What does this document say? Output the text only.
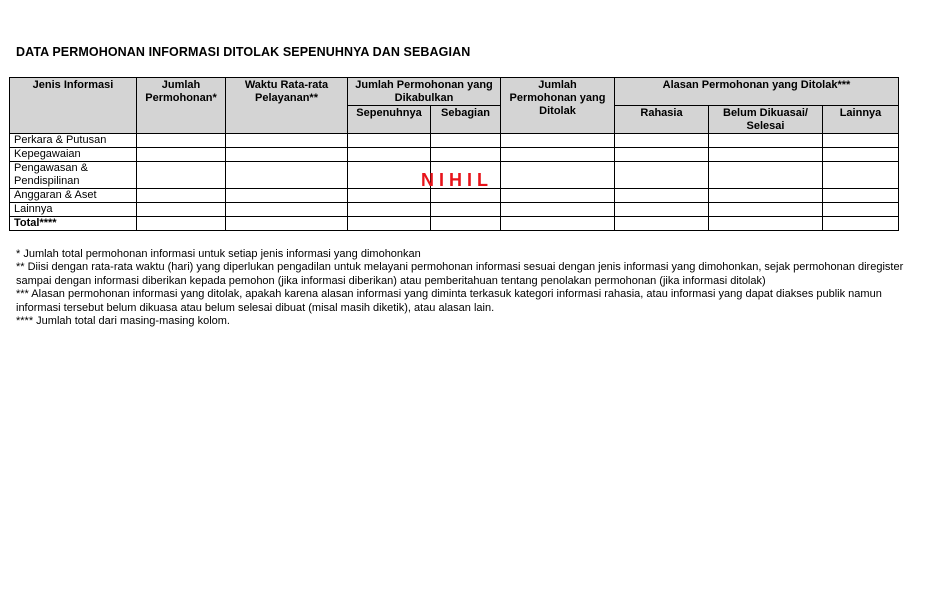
DATA PERMOHONAN INFORMASI DITOLAK SEPENUHNYA DAN SEBAGIAN
Jenis Informasi	Jumlah Permohonan*	Waktu Rata-rata Pelayanan**	Jumlah Permohonan yang Dikabulkan		Jumlah Permohonan yang Ditolak	Alasan Permohonan yang Ditolak***		
			Sepenuhnya	Sebagian		Rahasia	Belum Dikuasai/ Selesai	Lainnya
Perkara & Putusan								
Kepegawaian								
Pengawasan & Pendispilinan								
Anggaran & Aset								
Lainnya								
Total****								
NIHIL

* Jumlah total permohonan informasi untuk setiap jenis informasi yang dimohonkan

** Diisi dengan rata-rata waktu (hari) yang diperlukan pengadilan untuk melayani permohonan informasi sesuai dengan jenis informasi yang dimohonkan, sejak permohonan diregister sampai dengan informasi diberikan kepada pemohon (jika informasi diberikan) atau pemberitahuan tentang penolakan permohonan (jika informasi ditolak)

*** Alasan permohonan informasi yang ditolak, apakah karena alasan informasi yang diminta terkasuk kategori informasi rahasia, atau informasi yang dapat diakses publik namun informasi tersebut belum dikuasa atau belum selesai dibuat (misal masih diketik), atau alasan lain.

**** Jumlah total dari masing-masing kolom.
